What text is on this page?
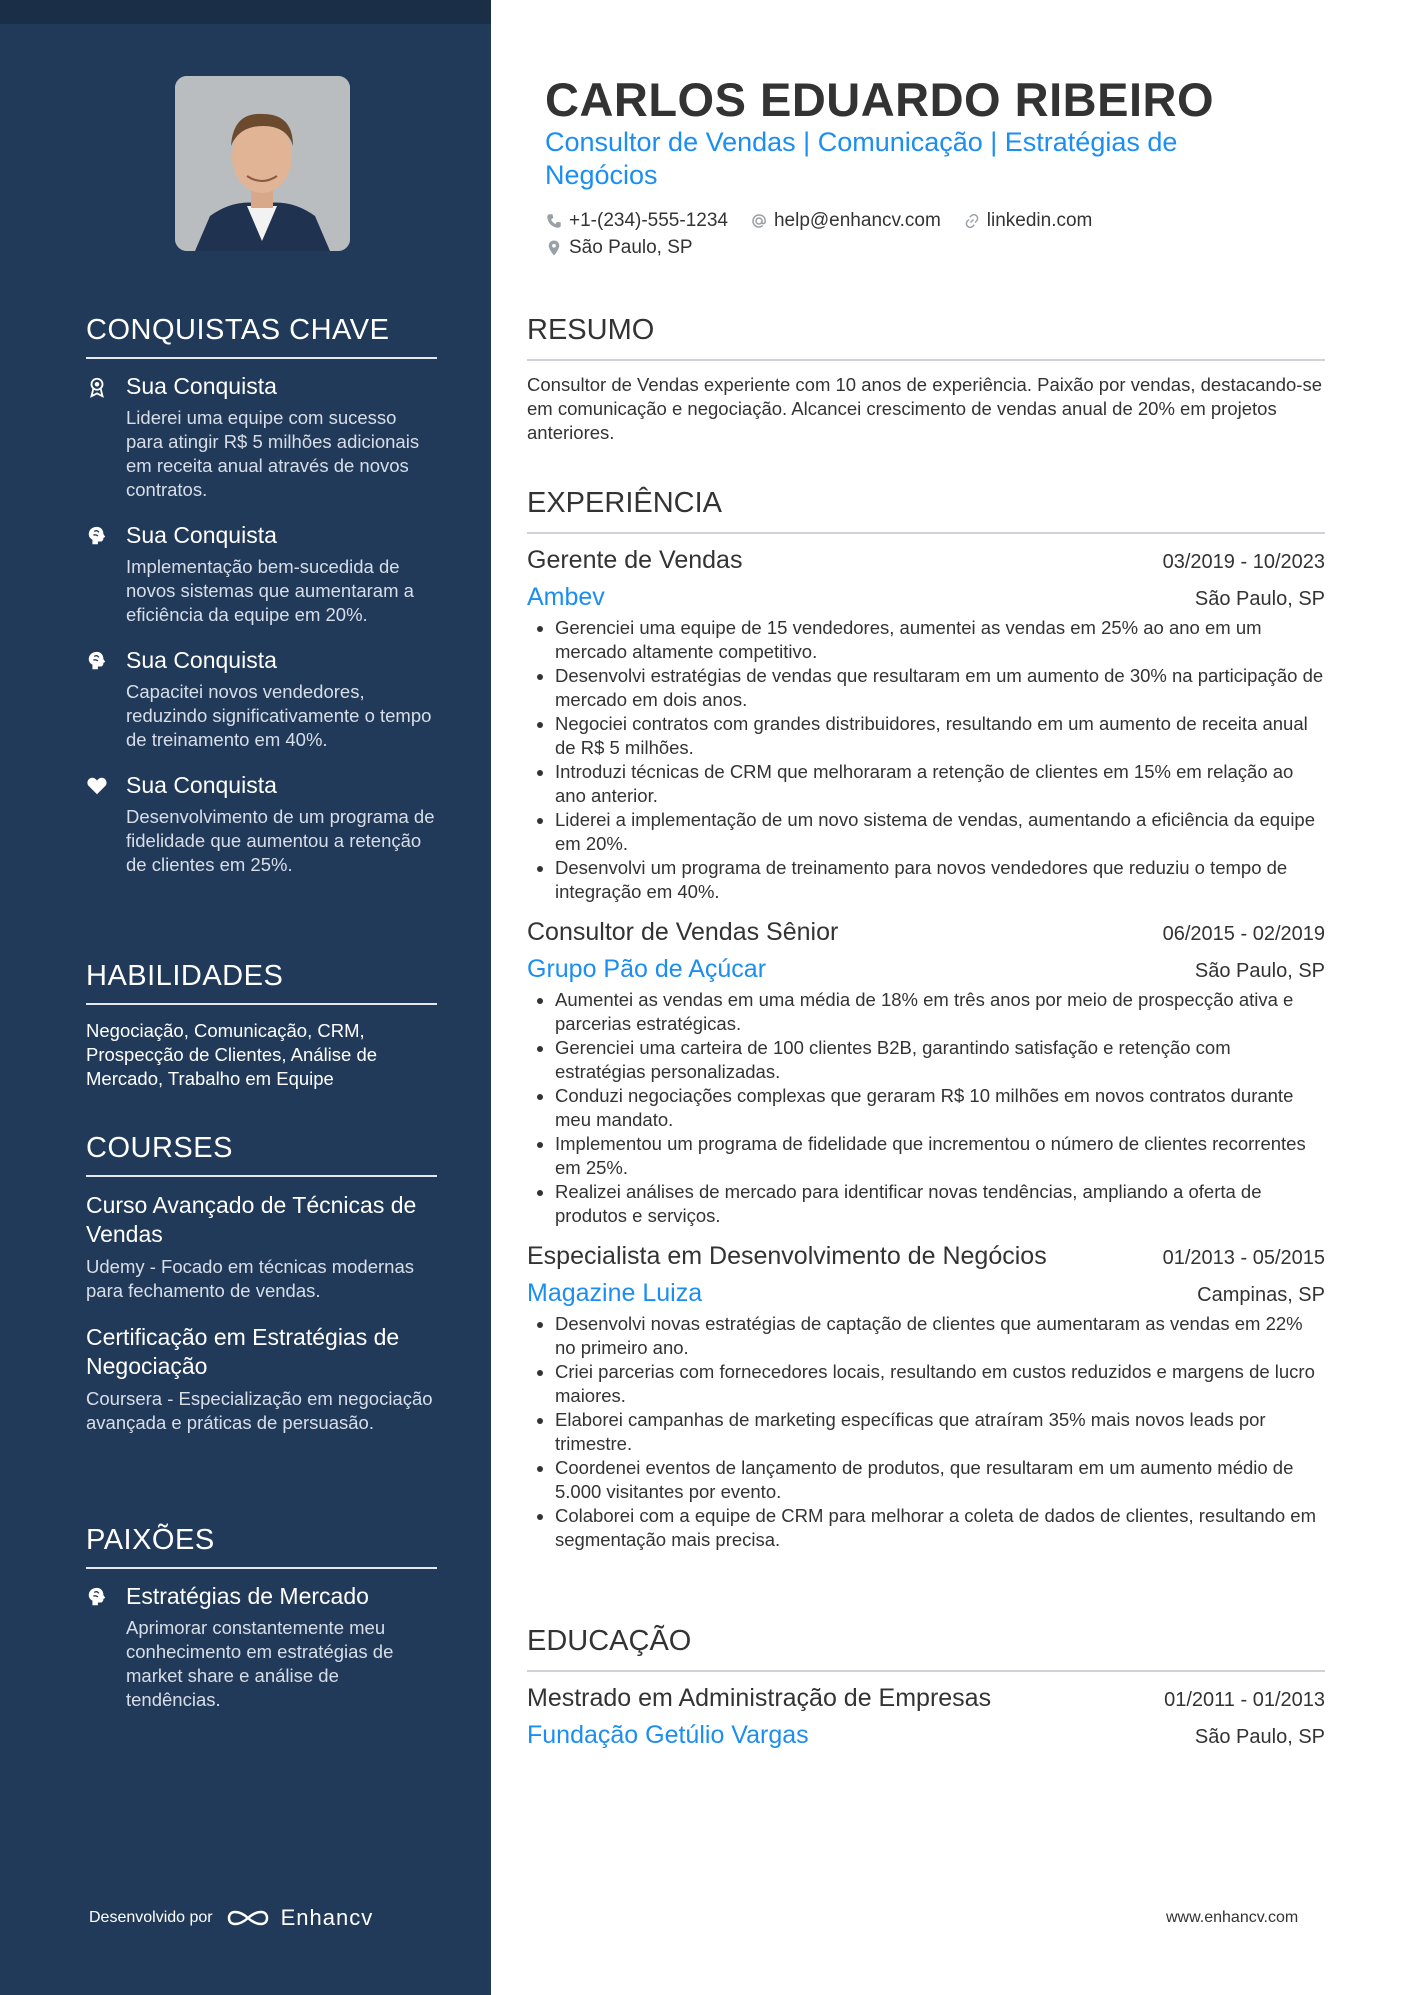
CONQUISTAS CHAVE
Sua Conquista
Liderei uma equipe com sucesso para atingir R$ 5 milhões adicionais em receita anual através de novos contratos.
Sua Conquista
Implementação bem-sucedida de novos sistemas que aumentaram a eficiência da equipe em 20%.
Sua Conquista
Capacitei novos vendedores, reduzindo significativamente o tempo de treinamento em 40%.
Sua Conquista
Desenvolvimento de um programa de fidelidade que aumentou a retenção de clientes em 25%.
HABILIDADES
Negociação, Comunicação, CRM, Prospecção de Clientes, Análise de Mercado, Trabalho em Equipe
COURSES
Curso Avançado de Técnicas de Vendas
Udemy - Focado em técnicas modernas para fechamento de vendas.
Certificação em Estratégias de Negociação
Coursera - Especialização em negociação avançada e práticas de persuasão.
PAIXÕES
Estratégias de Mercado
Aprimorar constantemente meu conhecimento em estratégias de market share e análise de tendências.
Desenvolvido por	Enhancv
CARLOS EDUARDO RIBEIRO
Consultor de Vendas | Comunicação | Estratégias de Negócios
+1-(234)-555-1234 help@enhancv.com linkedin.com
São Paulo, SP
RESUMO
Consultor de Vendas experiente com 10 anos de experiência. Paixão por vendas, destacando-se em comunicação e negociação. Alcancei crescimento de vendas anual de 20% em projetos anteriores.
EXPERIÊNCIA
Gerente de Vendas	03/2019 - 10/2023
Ambev	São Paulo, SP
• Gerenciei uma equipe de 15 vendedores, aumentei as vendas em 25% ao ano em um mercado altamente competitivo.
• Desenvolvi estratégias de vendas que resultaram em um aumento de 30% na participação de mercado em dois anos.
• Negociei contratos com grandes distribuidores, resultando em um aumento de receita anual de R$ 5 milhões.
• Introduzi técnicas de CRM que melhoraram a retenção de clientes em 15% em relação ao ano anterior.
• Liderei a implementação de um novo sistema de vendas, aumentando a eficiência da equipe em 20%.
• Desenvolvi um programa de treinamento para novos vendedores que reduziu o tempo de integração em 40%.
Consultor de Vendas Sênior	06/2015 - 02/2019
Grupo Pão de Açúcar	São Paulo, SP
• Aumentei as vendas em uma média de 18% em três anos por meio de prospecção ativa e parcerias estratégicas.
• Gerenciei uma carteira de 100 clientes B2B, garantindo satisfação e retenção com estratégias personalizadas.
• Conduzi negociações complexas que geraram R$ 10 milhões em novos contratos durante meu mandato.
• Implementou um programa de fidelidade que incrementou o número de clientes recorrentes em 25%.
• Realizei análises de mercado para identificar novas tendências, ampliando a oferta de produtos e serviços.
Especialista em Desenvolvimento de Negócios	01/2013 - 05/2015
Magazine Luiza	Campinas, SP
• Desenvolvi novas estratégias de captação de clientes que aumentaram as vendas em 22% no primeiro ano.
• Criei parcerias com fornecedores locais, resultando em custos reduzidos e margens de lucro maiores.
• Elaborei campanhas de marketing específicas que atraíram 35% mais novos leads por trimestre.
• Coordenei eventos de lançamento de produtos, que resultaram em um aumento médio de 5.000 visitantes por evento.
• Colaborei com a equipe de CRM para melhorar a coleta de dados de clientes, resultando em segmentação mais precisa.
EDUCAÇÃO
Mestrado em Administração de Empresas	01/2011 - 01/2013
Fundação Getúlio Vargas	São Paulo, SP
www.enhancv.com
